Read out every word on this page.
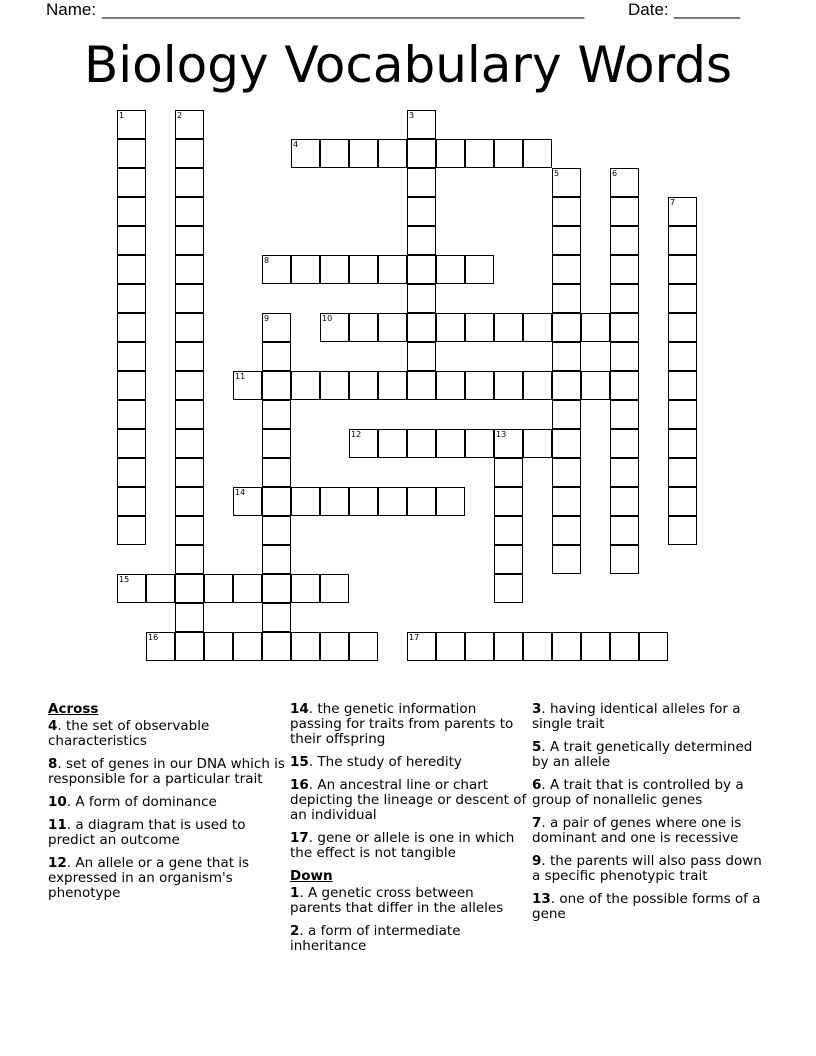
Name:

___________________________________________________

	Date:

_______

Biology Vocabulary Words
4
8
10
11
12	13
14
15
16	17
1	2	3
5	6
7
9
Across
4. the set of observable characteristics
8. set of genes in our DNA which is responsible for a particular trait
10. A form of dominance
11. a diagram that is used to predict an outcome
12. An allele or a gene that is expressed in an organism's phenotype
14. the genetic information passing for traits from parents to their offspring
15. The study of heredity
16. An ancestral line or chart depicting the lineage or descent of an individual
17. gene or allele is one in which the effect is not tangible
Down
1. A genetic cross between parents that differ in the alleles
2. a form of intermediate inheritance
3. having identical alleles for a single trait
5. A trait genetically determined by an allele
6. A trait that is controlled by a group of nonallelic genes
7. a pair of genes where one is dominant and one is recessive
9. the parents will also pass down a specific phenotypic trait
13. one of the possible forms of a gene
